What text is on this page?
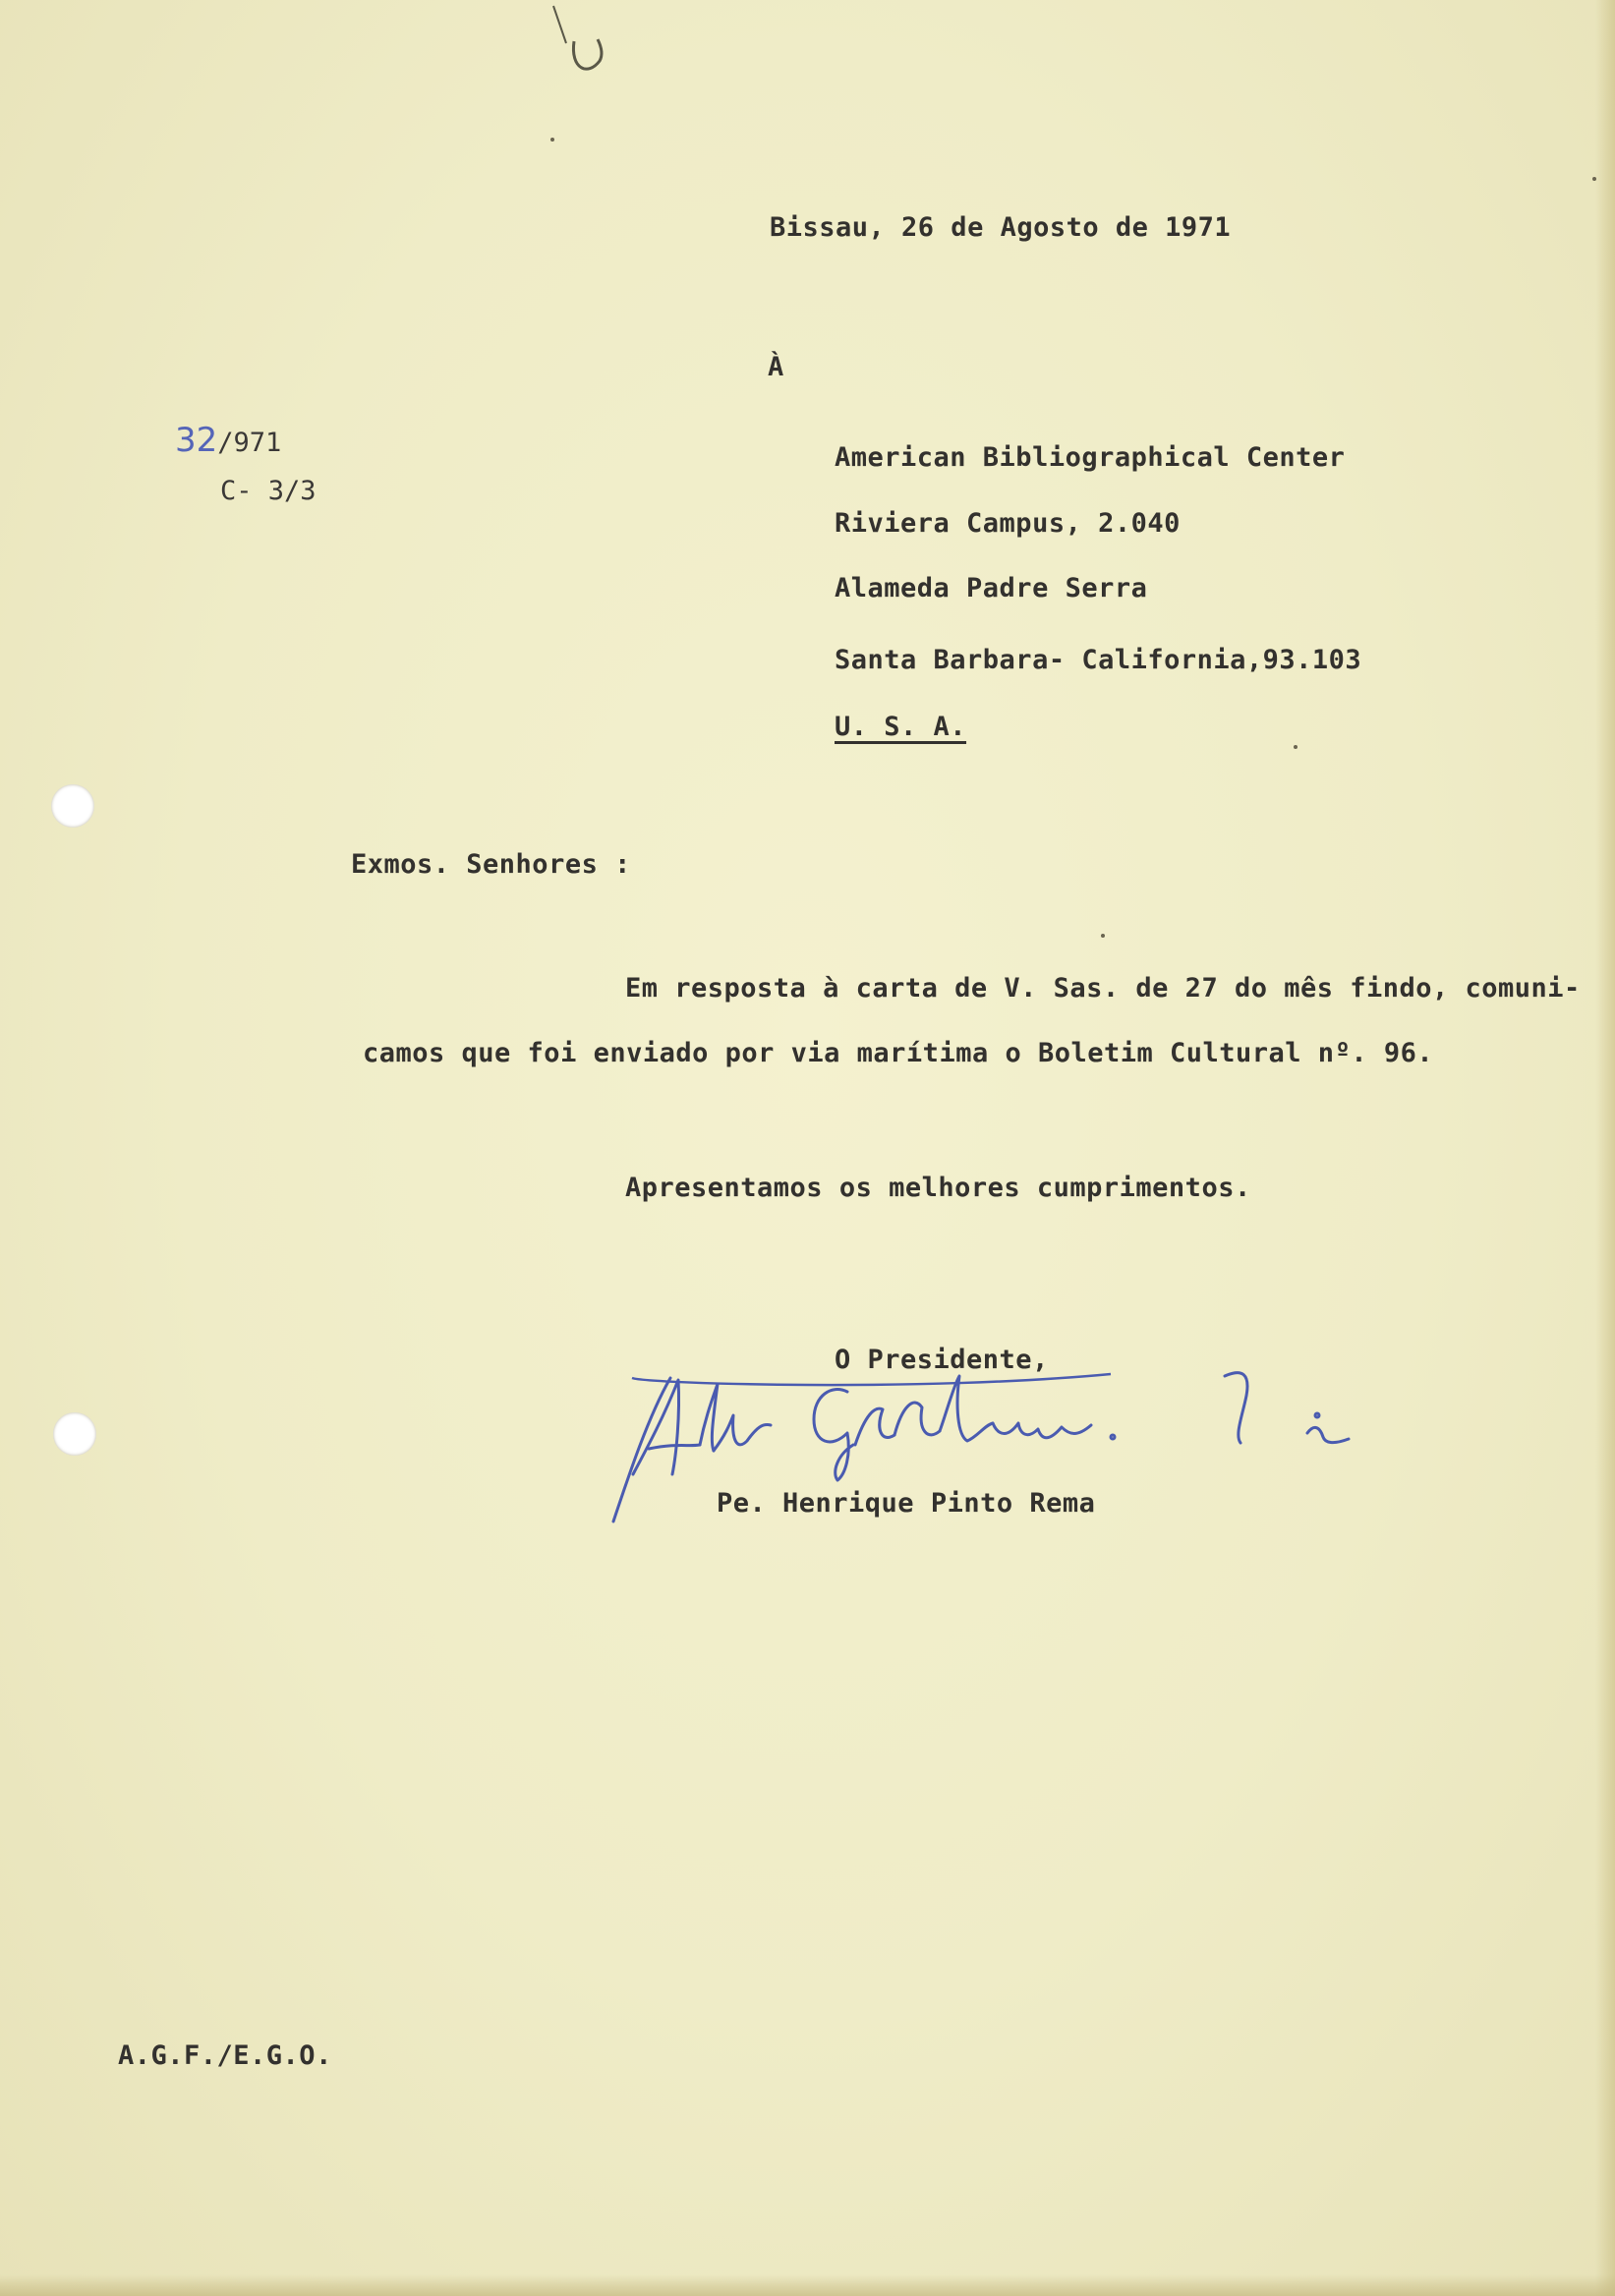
Bissau, 26 de Agosto de 1971
À
32/971
C- 3/3
American Bibliographical Center
Riviera Campus, 2.040
Alameda Padre Serra
Santa Barbara- California,93.103
U. S. A.
Exmos. Senhores :
Em resposta à carta de V. Sas. de 27 do mês findo, comuni-
camos que foi enviado por via marítima o Boletim Cultural nº. 96.
Apresentamos os melhores cumprimentos.
O Presidente,
Pe. Henrique Pinto Rema
A.G.F./E.G.O.
